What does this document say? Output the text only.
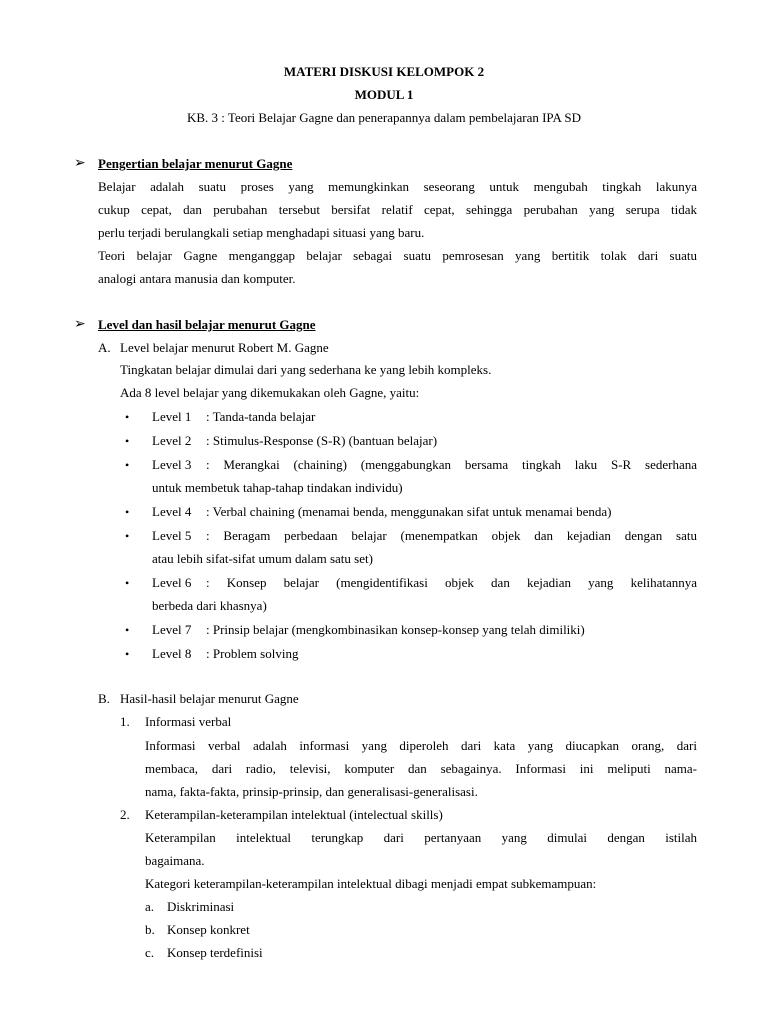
MATERI DISKUSI KELOMPOK 2

MODUL 1

KB. 3 : Teori Belajar Gagne dan penerapannya dalam pembelajaran IPA SD

➢ Pengertian belajar menurut Gagne

Belajar adalah suatu proses yang memungkinkan seseorang untuk mengubah tingkah lakunya

cukup cepat, dan perubahan tersebut bersifat relatif cepat, sehingga perubahan yang serupa tidak

perlu terjadi berulangkali setiap menghadapi situasi yang baru.

Teori belajar Gagne menganggap belajar sebagai suatu pemrosesan yang bertitik tolak dari suatu

analogi antara manusia dan komputer.

➢ Level dan hasil belajar menurut Gagne

A. Level belajar menurut Robert M. Gagne

Tingkatan belajar dimulai dari yang sederhana ke yang lebih kompleks.

Ada 8 level belajar yang dikemukakan oleh Gagne, yaitu:

• Level 1 : Tanda-tanda belajar

• Level 2 : Stimulus-Response (S-R) (bantuan belajar)

• Level 3 : Merangkai (chaining) (menggabungkan bersama tingkah laku S-R sederhana

untuk membetuk tahap-tahap tindakan individu)

• Level 4 : Verbal chaining (menamai benda, menggunakan sifat untuk menamai benda)

• Level 5 : Beragam perbedaan belajar (menempatkan objek dan kejadian dengan satu

atau lebih sifat-sifat umum dalam satu set)

• Level 6 : Konsep belajar (mengidentifikasi objek dan kejadian yang kelihatannya

berbeda dari khasnya)

• Level 7 : Prinsip belajar (mengkombinasikan konsep-konsep yang telah dimiliki)

• Level 8 : Problem solving

B. Hasil-hasil belajar menurut Gagne

1. Informasi verbal

Informasi verbal adalah informasi yang diperoleh dari kata yang diucapkan orang, dari

membaca, dari radio, televisi, komputer dan sebagainya. Informasi ini meliputi nama-

nama, fakta-fakta, prinsip-prinsip, dan generalisasi-generalisasi.

2. Keterampilan-keterampilan intelektual (intelectual skills)

Keterampilan intelektual terungkap dari pertanyaan yang dimulai dengan istilah

bagaimana.

Kategori keterampilan-keterampilan intelektual dibagi menjadi empat subkemampuan:

a. Diskriminasi

b. Konsep konkret

c. Konsep terdefinisi
